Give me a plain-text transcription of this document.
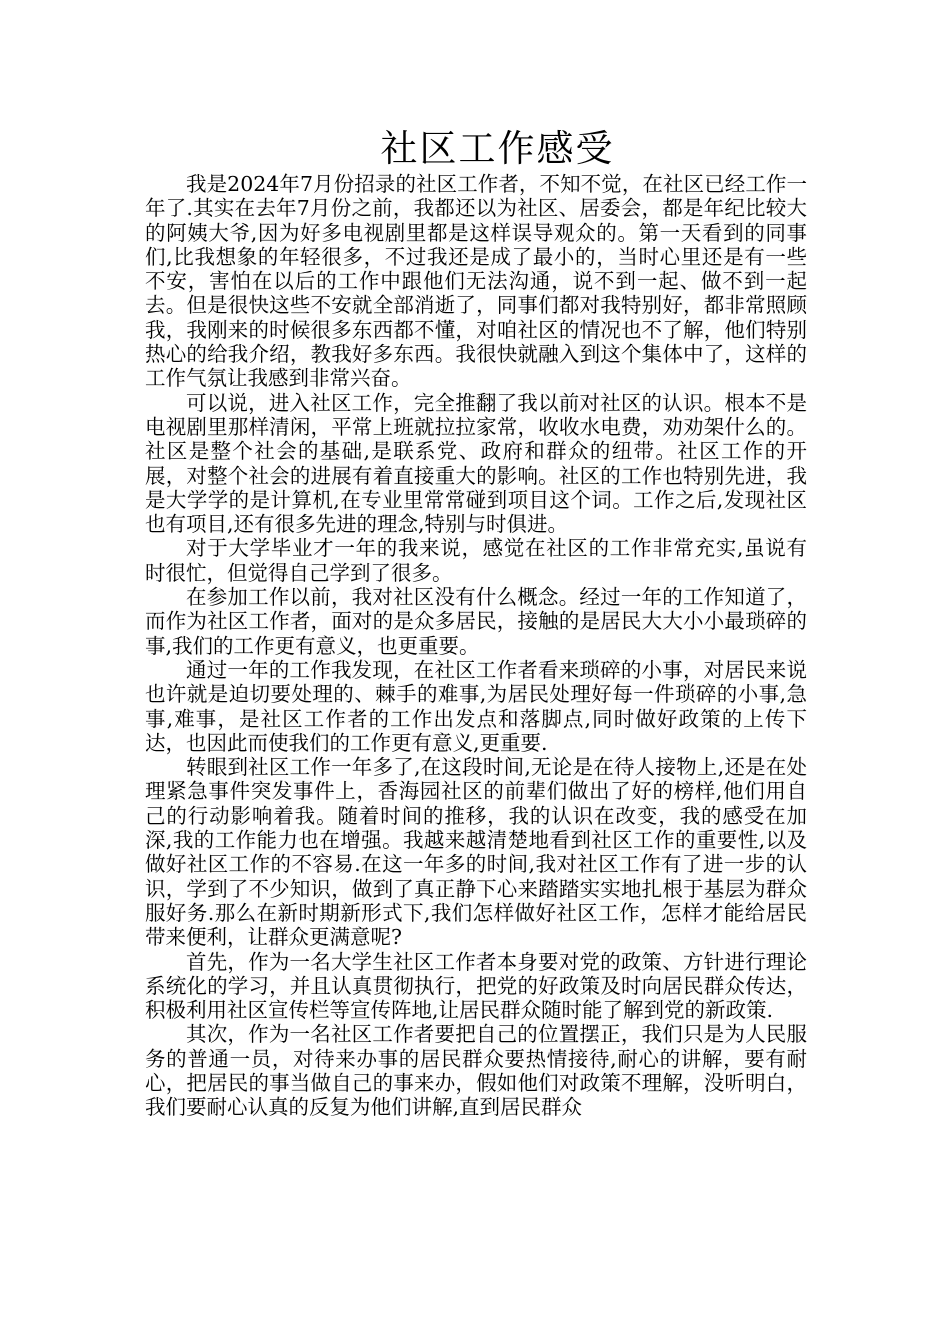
社区工作感受

我是2024年7月份招录的社区工作者，不知不觉，在社区已经工作一年了.其实在去年7月份之前，我都还以为社区、居委会，都是年纪比较大的阿姨大爷,因为好多电视剧里都是这样误导观众的。第一天看到的同事们,比我想象的年轻很多，不过我还是成了最小的，当时心里还是有一些不安，害怕在以后的工作中跟他们无法沟通，说不到一起、做不到一起去。但是很快这些不安就全部消逝了，同事们都对我特别好，都非常照顾我，我刚来的时候很多东西都不懂，对咱社区的情况也不了解，他们特别热心的给我介绍，教我好多东西。我很快就融入到这个集体中了，这样的工作气氛让我感到非常兴奋。

可以说，进入社区工作，完全推翻了我以前对社区的认识。根本不是电视剧里那样清闲，平常上班就拉拉家常，收收水电费，劝劝架什么的。社区是整个社会的基础,是联系党、政府和群众的纽带。社区工作的开展，对整个社会的进展有着直接重大的影响。社区的工作也特别先进，我是大学学的是计算机,在专业里常常碰到项目这个词。工作之后,发现社区也有项目,还有很多先进的理念,特别与时俱进。

对于大学毕业才一年的我来说，感觉在社区的工作非常充实,虽说有时很忙，但觉得自己学到了很多。

在参加工作以前，我对社区没有什么概念。经过一年的工作知道了，而作为社区工作者，面对的是众多居民，接触的是居民大大小小最琐碎的事,我们的工作更有意义，也更重要。

通过一年的工作我发现，在社区工作者看来琐碎的小事，对居民来说也许就是迫切要处理的、棘手的难事,为居民处理好每一件琐碎的小事,急事,难事，是社区工作者的工作出发点和落脚点,同时做好政策的上传下达，也因此而使我们的工作更有意义,更重要.

转眼到社区工作一年多了,在这段时间,无论是在待人接物上,还是在处理紧急事件突发事件上，香海园社区的前辈们做出了好的榜样,他们用自己的行动影响着我。随着时间的推移，我的认识在改变，我的感受在加深,我的工作能力也在增强。我越来越清楚地看到社区工作的重要性,以及做好社区工作的不容易.在这一年多的时间,我对社区工作有了进一步的认识，学到了不少知识，做到了真正静下心来踏踏实实地扎根于基层为群众服好务.那么在新时期新形式下,我们怎样做好社区工作，怎样才能给居民带来便利，让群众更满意呢?

首先，作为一名大学生社区工作者本身要对党的政策、方针进行理论系统化的学习，并且认真贯彻执行，把党的好政策及时向居民群众传达，积极利用社区宣传栏等宣传阵地,让居民群众随时能了解到党的新政策.

其次，作为一名社区工作者要把自己的位置摆正，我们只是为人民服务的普通一员，对待来办事的居民群众要热情接待,耐心的讲解，要有耐心，把居民的事当做自己的事来办，假如他们对政策不理解，没听明白，我们要耐心认真的反复为他们讲解,直到居民群众
